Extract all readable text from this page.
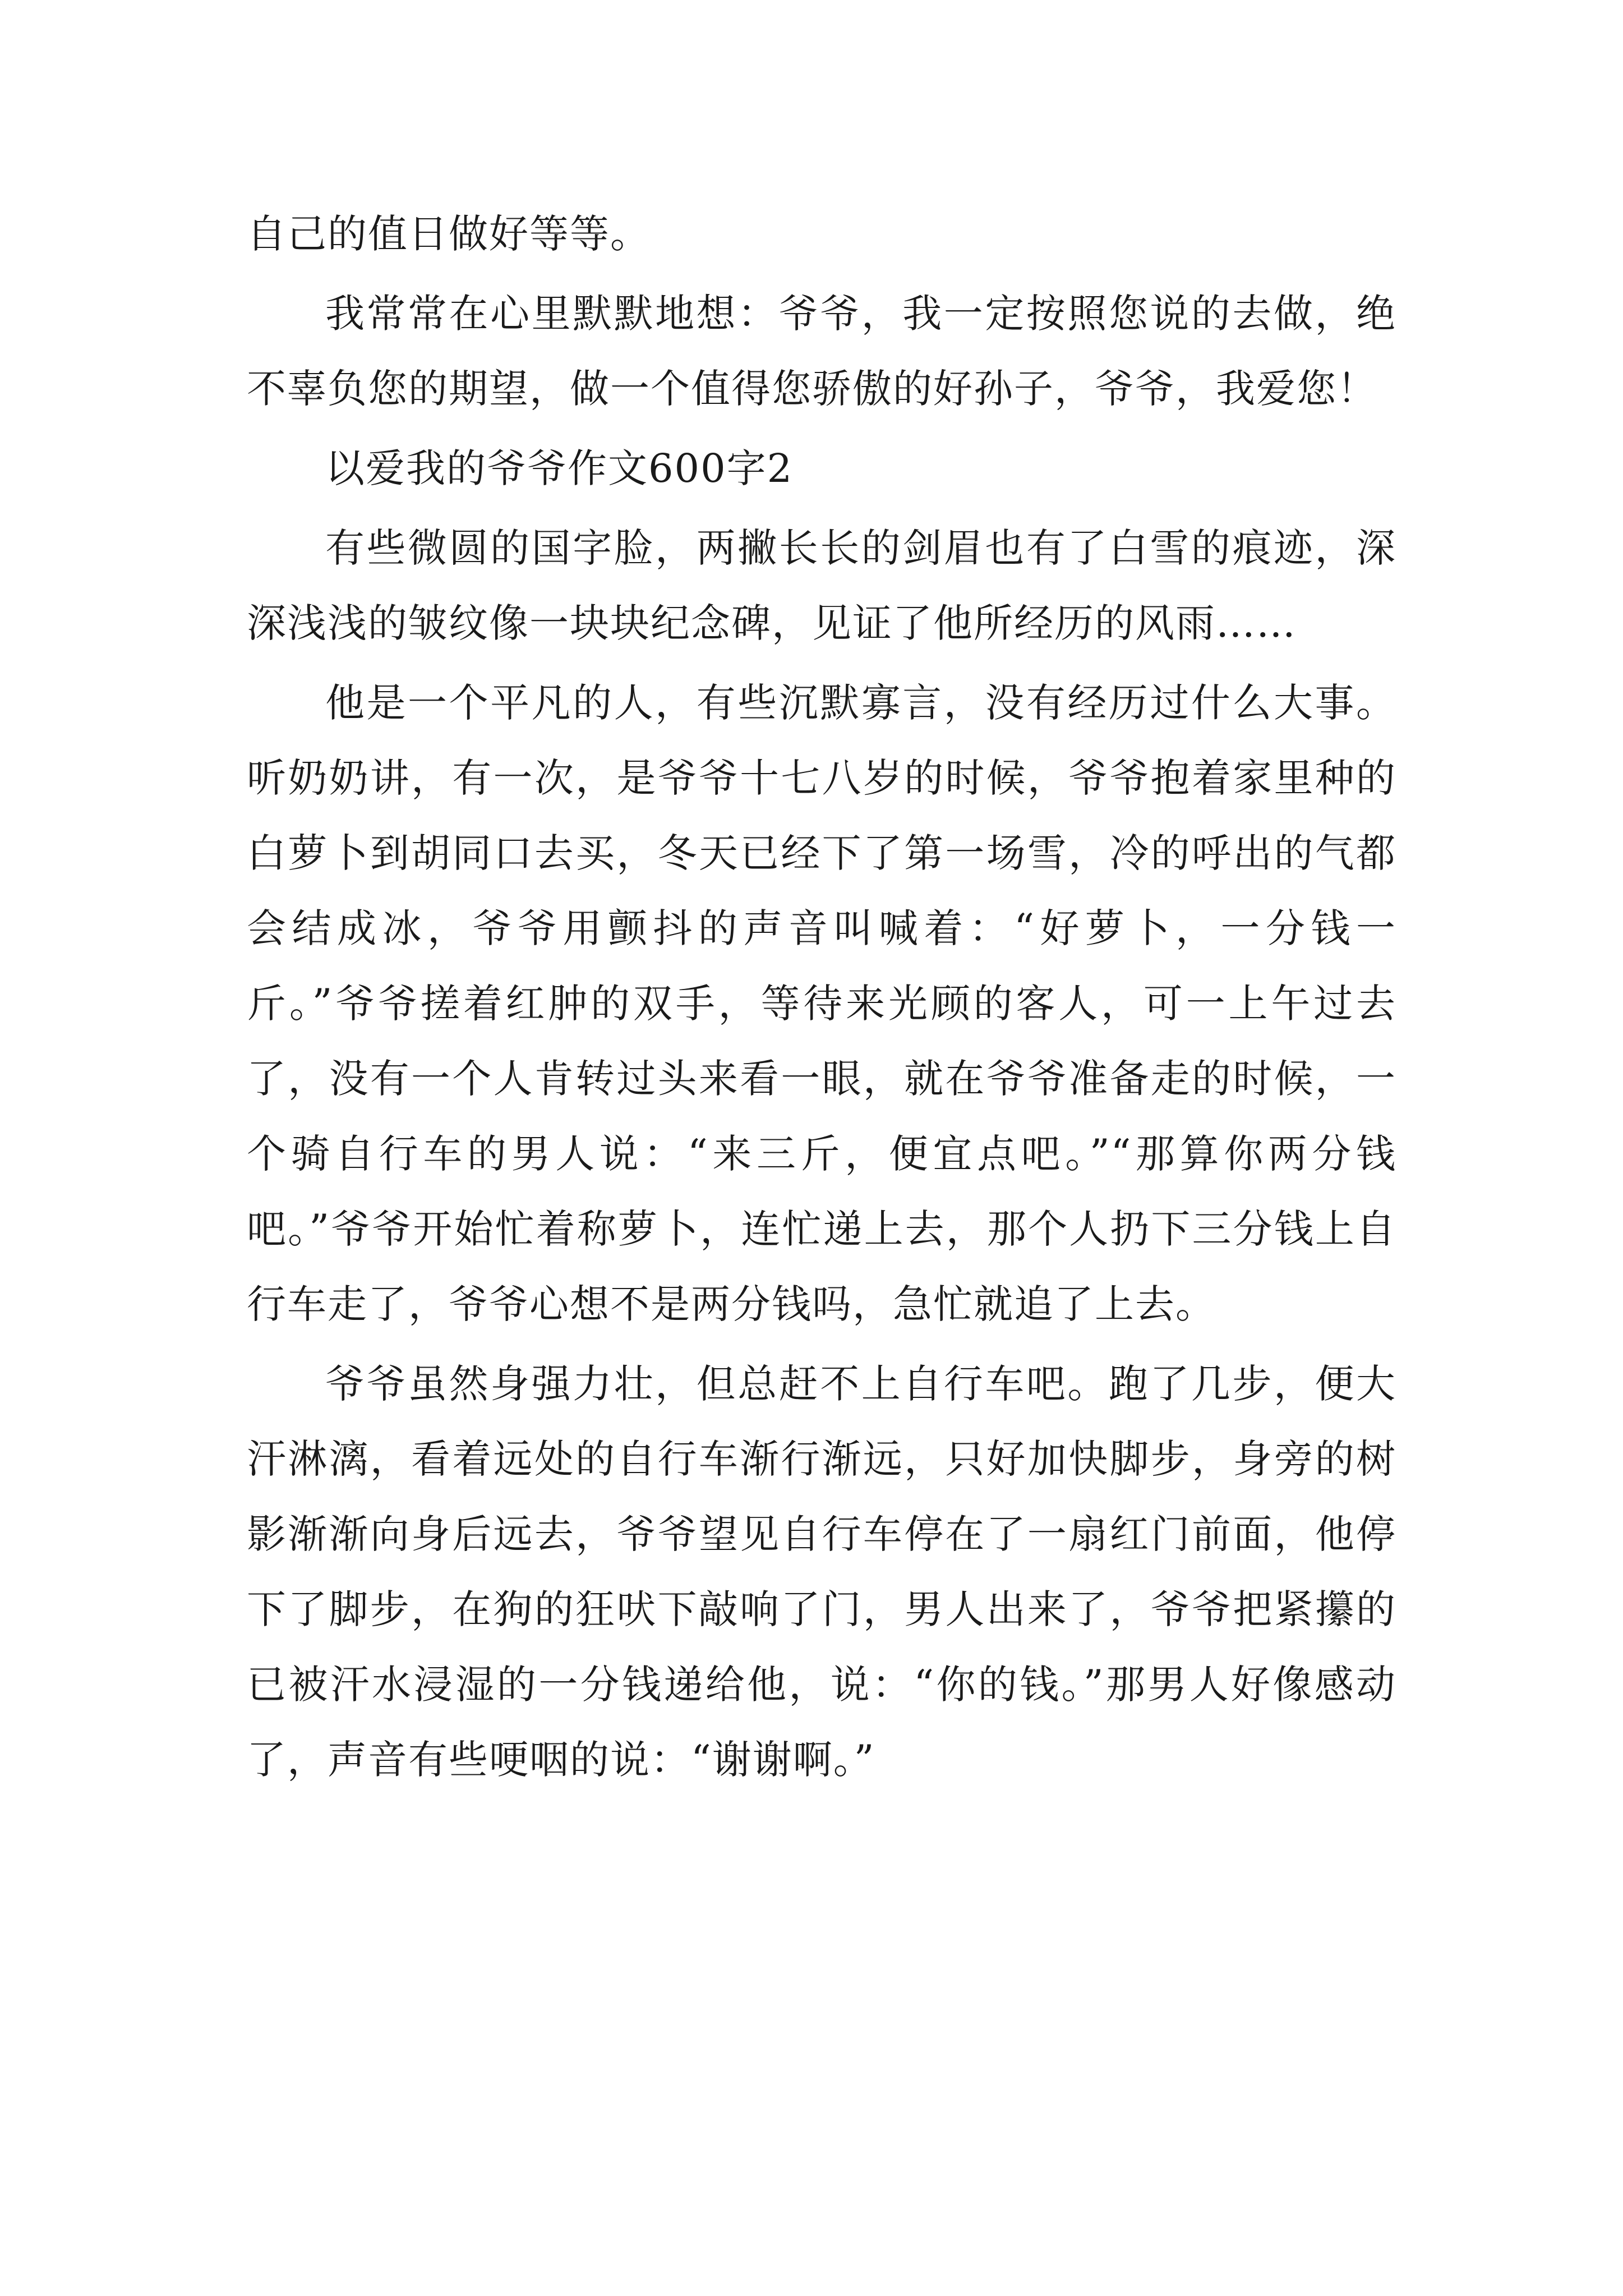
自己的值日做好等等。

我常常在心里默默地想：爷爷，我一定按照您说的去做，绝不辜负您的期望，做一个值得您骄傲的好孙子，爷爷，我爱您！

以爱我的爷爷作文600字2

有些微圆的国字脸，两撇长长的剑眉也有了白雪的痕迹，深深浅浅的皱纹像一块块纪念碑，见证了他所经历的风雨……

他是一个平凡的人，有些沉默寡言，没有经历过什么大事。听奶奶讲，有一次，是爷爷十七八岁的时候，爷爷抱着家里种的白萝卜到胡同口去买，冬天已经下了第一场雪，冷的呼出的气都会结成冰，爷爷用颤抖的声音叫喊着：“好萝卜，一分钱一斤。”爷爷搓着红肿的双手，等待来光顾的客人，可一上午过去了，没有一个人肯转过头来看一眼，就在爷爷准备走的时候，一个骑自行车的男人说：“来三斤，便宜点吧。”“那算你两分钱吧。”爷爷开始忙着称萝卜，连忙递上去，那个人扔下三分钱上自行车走了，爷爷心想不是两分钱吗，急忙就追了上去。

爷爷虽然身强力壮，但总赶不上自行车吧。跑了几步，便大汗淋漓，看着远处的自行车渐行渐远，只好加快脚步，身旁的树影渐渐向身后远去，爷爷望见自行车停在了一扇红门前面，他停下了脚步，在狗的狂吠下敲响了门，男人出来了，爷爷把紧攥的已被汗水浸湿的一分钱递给他，说：“你的钱。”那男人好像感动了，声音有些哽咽的说：“谢谢啊。”
